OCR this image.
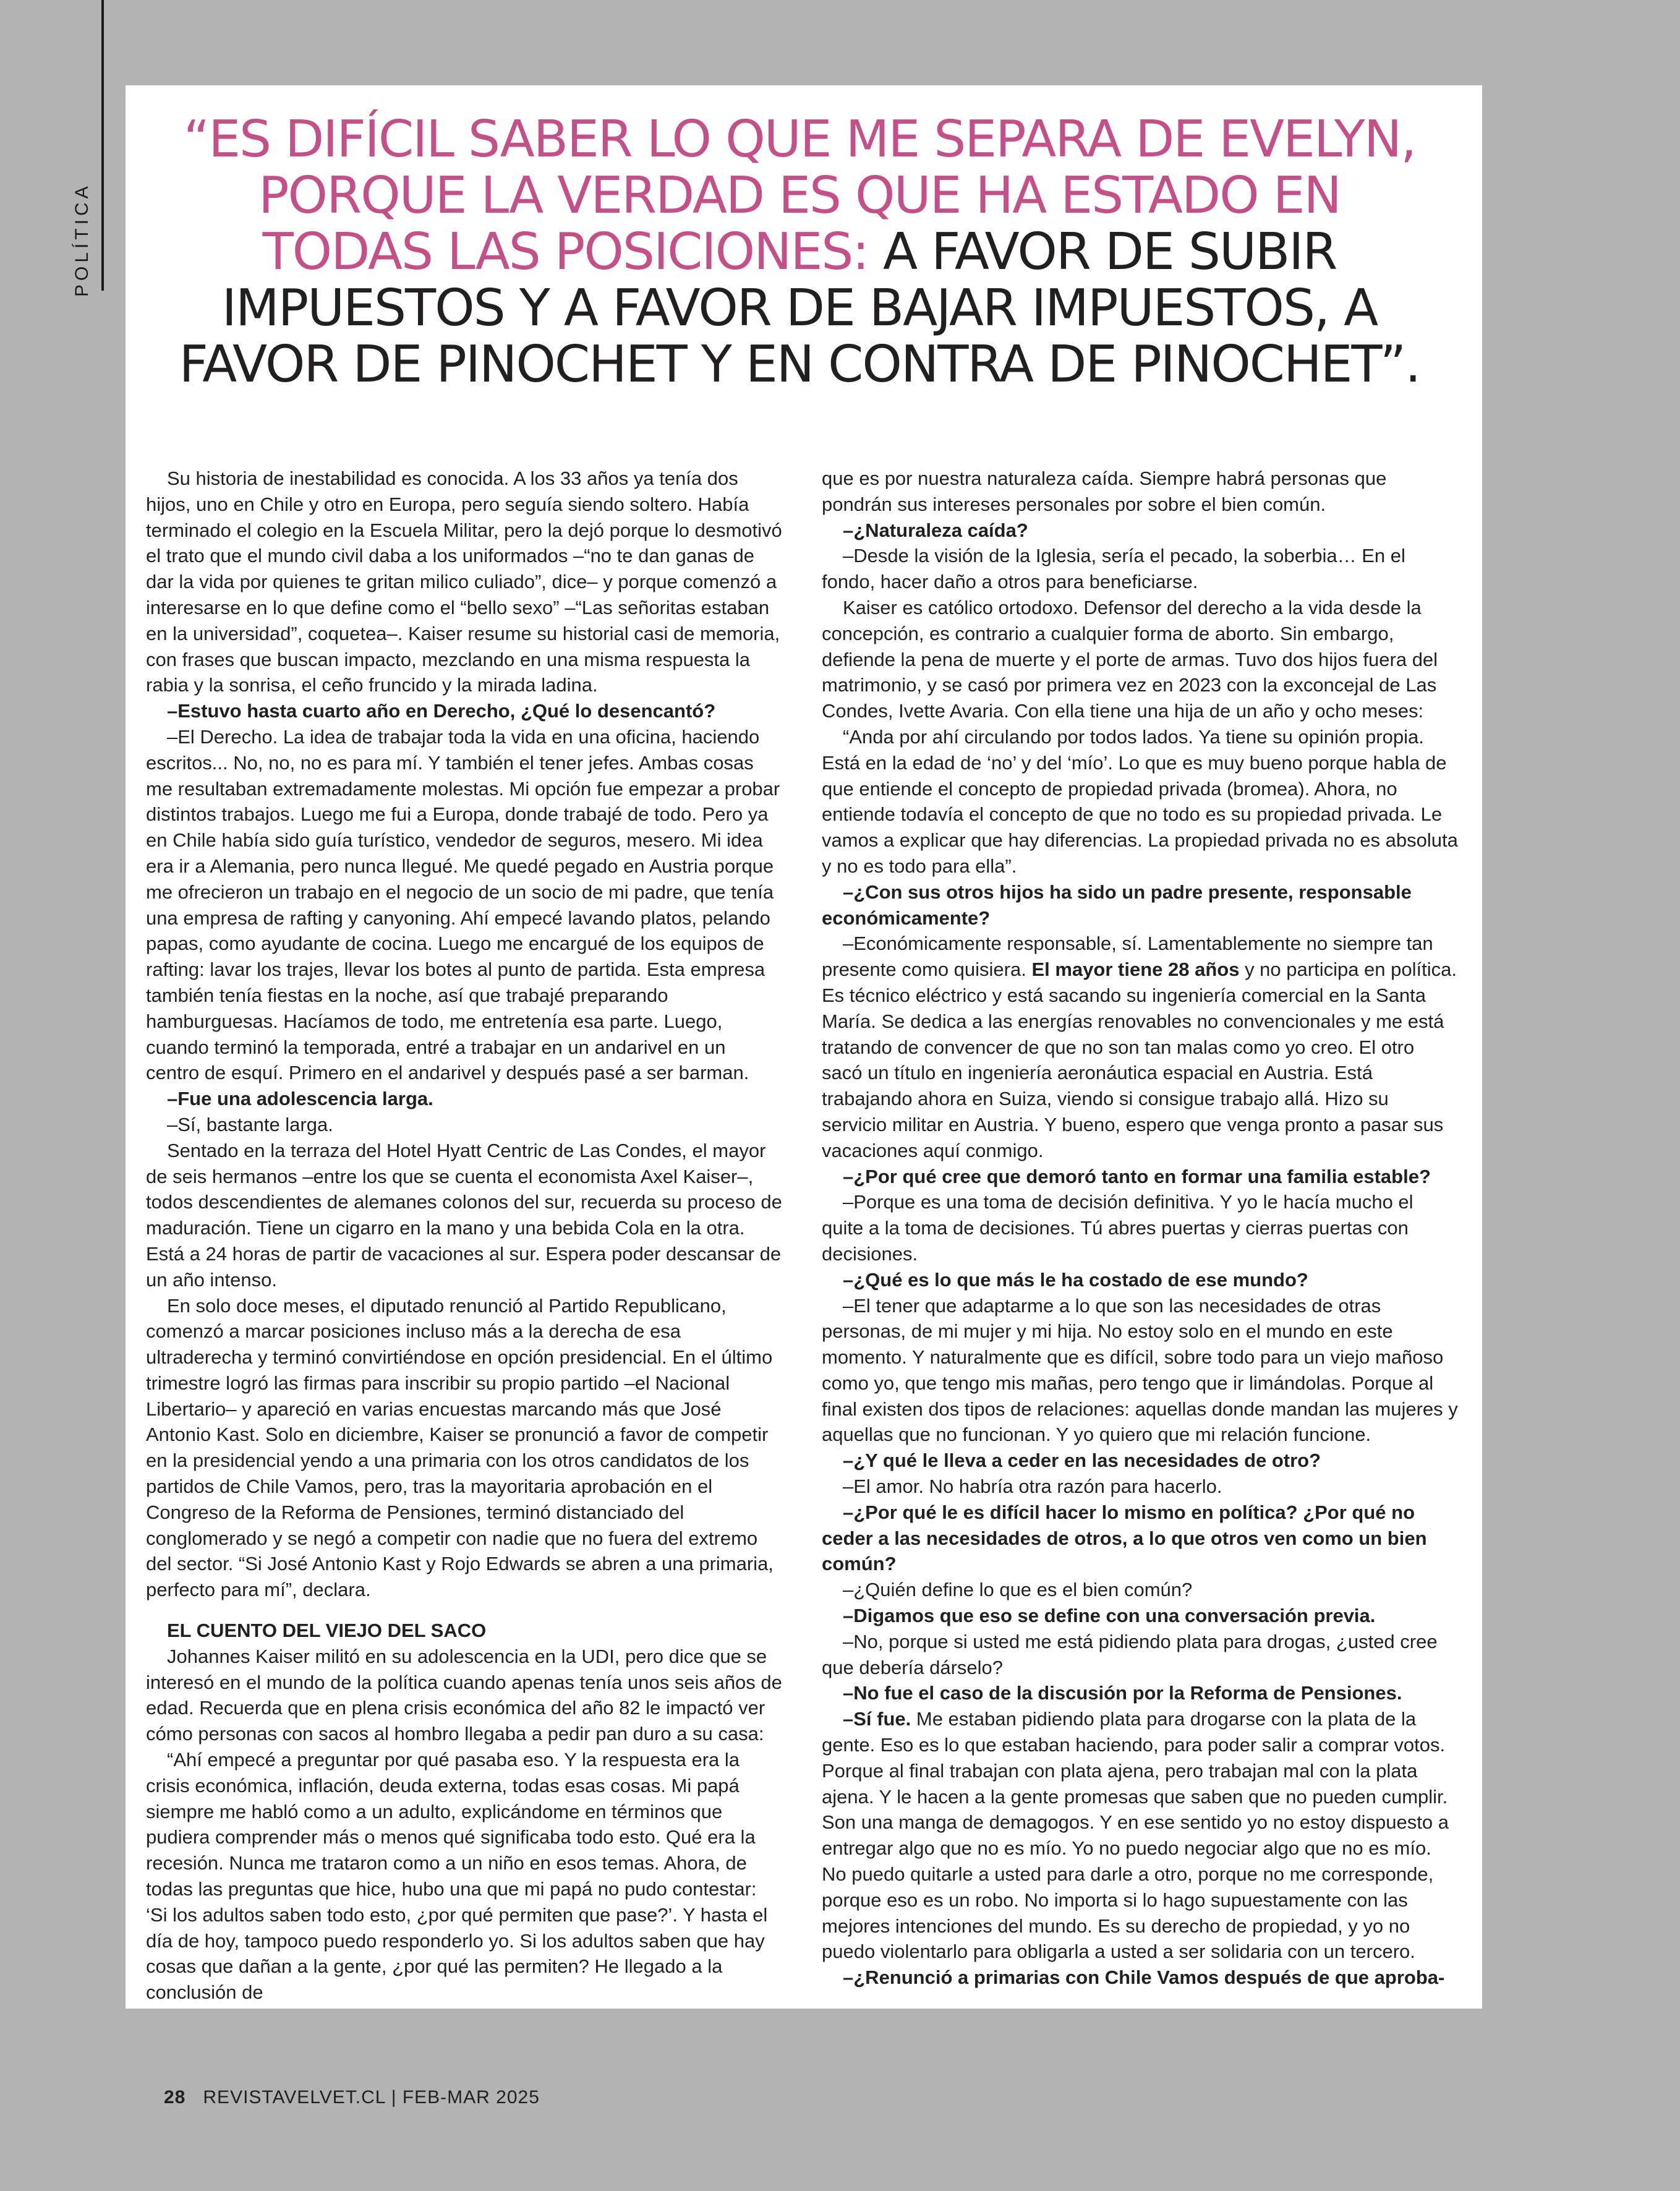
POLÍTICA
“ES DIFÍCIL SABER LO QUE ME SEPARA DE EVELYN, PORQUE LA VERDAD ES QUE HA ESTADO EN TODAS LAS POSICIONES: A FAVOR DE SUBIR IMPUESTOS Y A FAVOR DE BAJAR IMPUESTOS, A FAVOR DE PINOCHET Y EN CONTRA DE PINOCHET”.

Su historia de inestabilidad es conocida. A los 33 años ya tenía dos hijos, uno en Chile y otro en Europa, pero seguía siendo soltero. Había terminado el colegio en la Escuela Militar, pero la dejó porque lo desmotivó el trato que el mundo civil daba a los uniformados –“no te dan ganas de dar la vida por quienes te gritan milico culiado”, dice– y porque comenzó a interesarse en lo que define como el “bello sexo” –“Las señoritas estaban en la universidad”, coqueteа–. Kaiser resume su historial casi de memoria, con frases que buscan impacto, mezclando en una misma respuesta la rabia y la sonrisa, el ceño fruncido y la mirada ladina.

–Estuvo hasta cuarto año en Derecho, ¿Qué lo desencantó?

–El Derecho. La idea de trabajar toda la vida en una oficina, haciendo escritos... No, no, no es para mí. Y también el tener jefes. Ambas cosas me resultaban extremadamente molestas. Mi opción fue empezar a probar distintos trabajos. Luego me fui a Europa, donde trabajé de todo. Pero ya en Chile había sido guía turístico, vendedor de seguros, mesero. Mi idea era ir a Alemania, pero nunca llegué. Me quedé pegado en Austria porque me ofrecieron un trabajo en el negocio de un socio de mi padre, que tenía una empresa de rafting y canyoning. Ahí empecé lavando platos, pelando papas, como ayudante de cocina. Luego me encargué de los equipos de rafting: lavar los trajes, llevar los botes al punto de partida. Esta empresa también tenía fiestas en la noche, así que trabajé preparando hamburguesas. Hacíamos de todo, me entretenía esa parte. Luego, cuando terminó la temporada, entré a trabajar en un andarivel en un centro de esquí. Primero en el andarivel y después pasé a ser barman.

–Fue una adolescencia larga.

–Sí, bastante larga.

Sentado en la terraza del Hotel Hyatt Centric de Las Condes, el mayor de seis hermanos –entre los que se cuenta el economista Axel Kaiser–, todos descendientes de alemanes colonos del sur, recuerda su proceso de maduración. Tiene un cigarro en la mano y una bebida Cola en la otra. Está a 24 horas de partir de vacaciones al sur. Espera poder descansar de un año intenso.

En solo doce meses, el diputado renunció al Partido Republicano, comenzó a marcar posiciones incluso más a la derecha de esa ultraderecha y terminó convirtiéndose en opción presidencial. En el último trimestre logró las firmas para inscribir su propio partido –el Nacional Libertario– y apareció en varias encuestas marcando más que José Antonio Kast. Solo en diciembre, Kaiser se pronunció a favor de competir en la presidencial yendo a una primaria con los otros candidatos de los partidos de Chile Vamos, pero, tras la mayoritaria aprobación en el Congreso de la Reforma de Pensiones, terminó distanciado del conglomerado y se negó a competir con nadie que no fuera del extremo del sector. “Si José Antonio Kast y Rojo Edwards se abren a una primaria, perfecto para mí”, declara.

EL CUENTO DEL VIEJO DEL SACO

Johannes Kaiser militó en su adolescencia en la UDI, pero dice que se interesó en el mundo de la política cuando apenas tenía unos seis años de edad. Recuerda que en plena crisis económica del año 82 le impactó ver cómo personas con sacos al hombro llegaba a pedir pan duro a su casa:

“Ahí empecé a preguntar por qué pasaba eso. Y la respuesta era la crisis económica, inflación, deuda externa, todas esas cosas. Mi papá siempre me habló como a un adulto, explicándome en términos que pudiera comprender más o menos qué significaba todo esto. Qué era la recesión. Nunca me trataron como a un niño en esos temas. Ahora, de todas las preguntas que hice, hubo una que mi papá no pudo contestar: ‘Si los adultos saben todo esto, ¿por qué permiten que pase?’. Y hasta el día de hoy, tampoco puedo responderlo yo. Si los adultos saben que hay cosas que dañan a la gente, ¿por qué las permiten? He llegado a la conclusión de

que es por nuestra naturaleza caída. Siempre habrá personas que pondrán sus intereses personales por sobre el bien común.

–¿Naturaleza caída?

–Desde la visión de la Iglesia, sería el pecado, la soberbia… En el fondo, hacer daño a otros para beneficiarse.

Kaiser es católico ortodoxo. Defensor del derecho a la vida desde la concepción, es contrario a cualquier forma de aborto. Sin embargo, defiende la pena de muerte y el porte de armas. Tuvo dos hijos fuera del matrimonio, y se casó por primera vez en 2023 con la exconcejal de Las Condes, Ivette Avaria. Con ella tiene una hija de un año y ocho meses:

“Anda por ahí circulando por todos lados. Ya tiene su opinión propia. Está en la edad de ‘no’ y del ‘mío’. Lo que es muy bueno porque habla de que entiende el concepto de propiedad privada (bromea). Ahora, no entiende todavía el concepto de que no todo es su propiedad privada. Le vamos a explicar que hay diferencias. La propiedad privada no es absoluta y no es todo para ella”.

–¿Con sus otros hijos ha sido un padre presente, responsable económicamente?

–Económicamente responsable, sí. Lamentablemente no siempre tan presente como quisiera. El mayor tiene 28 años y no participa en política. Es técnico eléctrico y está sacando su ingeniería comercial en la Santa María. Se dedica a las energías renovables no convencionales y me está tratando de convencer de que no son tan malas como yo creo. El otro sacó un título en ingeniería aeronáutica espacial en Austria. Está trabajando ahora en Suiza, viendo si consigue trabajo allá. Hizo su servicio militar en Austria. Y bueno, espero que venga pronto a pasar sus vacaciones aquí conmigo.

–¿Por qué cree que demoró tanto en formar una familia estable?

–Porque es una toma de decisión definitiva. Y yo le hacía mucho el quite a la toma de decisiones. Tú abres puertas y cierras puertas con decisiones.

–¿Qué es lo que más le ha costado de ese mundo?

–El tener que adaptarme a lo que son las necesidades de otras personas, de mi mujer y mi hija. No estoy solo en el mundo en este momento. Y naturalmente que es difícil, sobre todo para un viejo mañoso como yo, que tengo mis mañas, pero tengo que ir limándolas. Porque al final existen dos tipos de relaciones: aquellas donde mandan las mujeres y aquellas que no funcionan. Y yo quiero que mi relación funcione.

–¿Y qué le lleva a ceder en las necesidades de otro?

–El amor. No habría otra razón para hacerlo.

–¿Por qué le es difícil hacer lo mismo en política? ¿Por qué no ceder a las necesidades de otros, a lo que otros ven como un bien común?

–¿Quién define lo que es el bien común?

–Digamos que eso se define con una conversación previa.

–No, porque si usted me está pidiendo plata para drogas, ¿usted cree que debería dárselo?

–No fue el caso de la discusión por la Reforma de Pensiones.

–Sí fue. Me estaban pidiendo plata para drogarse con la plata de la gente. Eso es lo que estaban haciendo, para poder salir a comprar votos. Porque al final trabajan con plata ajena, pero trabajan mal con la plata ajena. Y le hacen a la gente promesas que saben que no pueden cumplir. Son una manga de demagogos. Y en ese sentido yo no estoy dispuesto a entregar algo que no es mío. Yo no puedo negociar algo que no es mío. No puedo quitarle a usted para darle a otro, porque no me corresponde, porque eso es un robo. No importa si lo hago supuestamente con las mejores intenciones del mundo. Es su derecho de propiedad, y yo no puedo violentarlo para obligarla a usted a ser solidaria con un tercero.

–¿Renunció a primarias con Chile Vamos después de que aproba-

28 REVISTAVELVET.CL | FEB-MAR 2025
